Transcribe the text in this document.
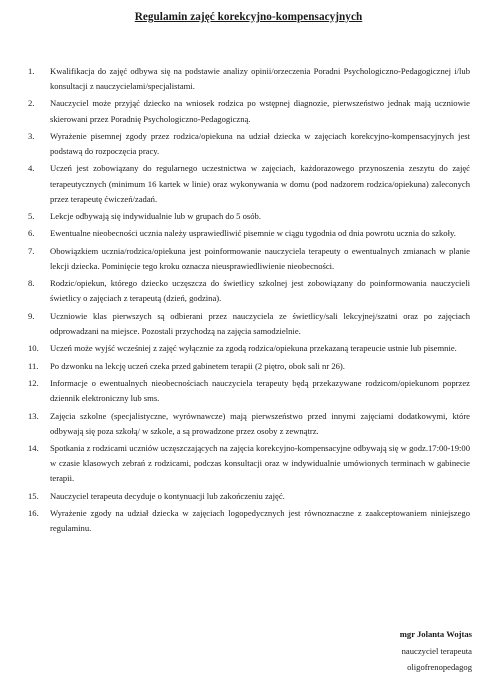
Regulamin zajęć korekcyjno-kompensacyjnych
1.	Kwalifikacja do zajęć odbywa się na podstawie analizy opinii/orzeczenia Poradni Psychologiczno-Pedagogicznej i/lub konsultacji z nauczycielami/specjalistami.
2.	Nauczyciel może przyjąć dziecko na wniosek rodzica po wstępnej diagnozie, pierwszeństwo jednak mają uczniowie skierowani przez Poradnię Psychologiczno-Pedagogiczną.
3.	Wyrażenie pisemnej zgody przez rodzica/opiekuna na udział dziecka w zajęciach korekcyjno-kompensacyjnych jest podstawą do rozpoczęcia pracy.
4.	Uczeń jest zobowiązany do regularnego uczestnictwa w zajęciach, każdorazowego przynoszenia zeszytu do zajęć terapeutycznych (minimum 16 kartek w linie) oraz wykonywania w domu (pod nadzorem rodzica/opiekuna) zaleconych przez terapeutę ćwiczeń/zadań.
5.	Lekcje odbywają się indywidualnie lub w grupach do 5 osób.
6.	Ewentualne nieobecności ucznia należy usprawiedliwić pisemnie w ciągu tygodnia od dnia powrotu ucznia do szkoły.
7.	Obowiązkiem ucznia/rodzica/opiekuna jest poinformowanie nauczyciela terapeuty o ewentualnych zmianach w planie lekcji dziecka. Pominięcie tego kroku oznacza nieusprawiedliwienie nieobecności.
8.	Rodzic/opiekun, którego dziecko uczęszcza do świetlicy szkolnej jest zobowiązany do poinformowania nauczycieli świetlicy o zajęciach z terapeutą (dzień, godzina).
9.	Uczniowie klas pierwszych są odbierani przez nauczyciela ze świetlicy/sali lekcyjnej/szatni oraz po zajęciach odprowadzani na miejsce. Pozostali przychodzą na zajęcia samodzielnie.
10.	Uczeń może wyjść wcześniej z zajęć wyłącznie za zgodą rodzica/opiekuna przekazaną terapeucie ustnie lub pisemnie.
11.	Po dzwonku na lekcję uczeń czeka przed gabinetem terapii (2 piętro, obok sali nr 26).
12.	Informacje o ewentualnych nieobecnościach nauczyciela terapeuty będą przekazywane rodzicom/opiekunom poprzez dziennik elektroniczny lub sms.
13.	Zajęcia szkolne (specjalistyczne, wyrównawcze) mają pierwszeństwo przed innymi zajęciami dodatkowymi, które odbywają się poza szkołą/ w szkole, a są prowadzone przez osoby z zewnątrz.
14.	Spotkania z rodzicami uczniów uczęszczających na zajęcia korekcyjno-kompensacyjne odbywają się w godz.17:00-19:00 w czasie klasowych zebrań z rodzicami, podczas konsultacji oraz w indywidualnie umówionych terminach w gabinecie terapii.
15.	Nauczyciel terapeuta decyduje o kontynuacji lub zakończeniu zajęć.
16.	Wyrażenie zgody na udział dziecka w zajęciach logopedycznych jest równoznaczne z zaakceptowaniem niniejszego regulaminu.
mgr Jolanta Wojtas
nauczyciel terapeuta
oligofrenopedagog
